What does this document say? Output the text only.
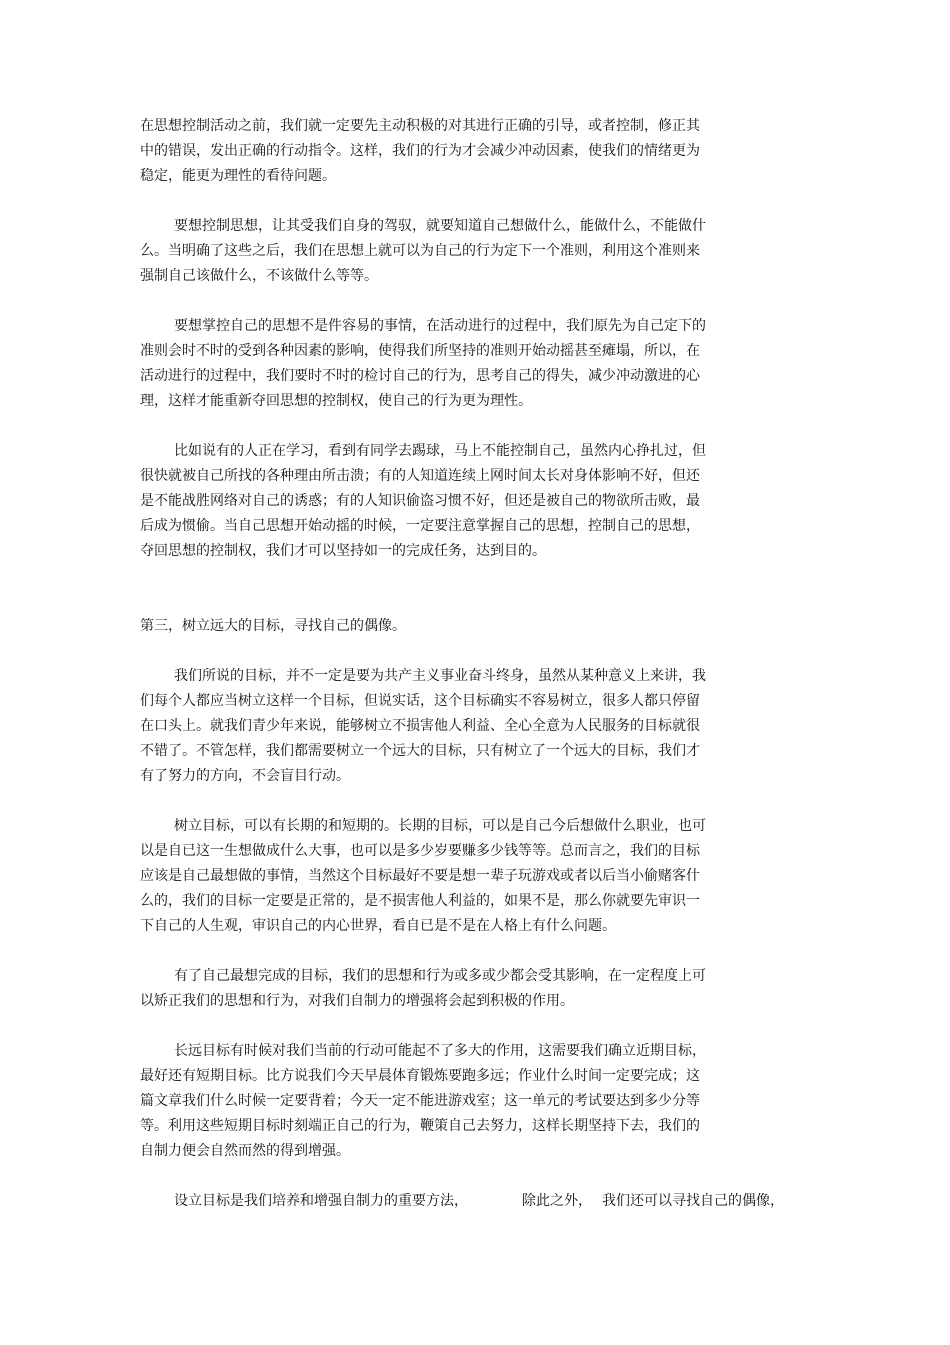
在思想控制活动之前，我们就一定要先主动积极的对其进行正确的引导，或者控制，修正其
中的错误，发出正确的行动指令。这样，我们的行为才会减少冲动因素，使我们的情绪更为
稳定，能更为理性的看待问题。

要想控制思想，让其受我们自身的驾驭，就要知道自己想做什么，能做什么，不能做什
么。当明确了这些之后，我们在思想上就可以为自己的行为定下一个准则，利用这个准则来
强制自己该做什么，不该做什么等等。

要想掌控自己的思想不是件容易的事情，在活动进行的过程中，我们原先为自己定下的
准则会时不时的受到各种因素的影响，使得我们所坚持的准则开始动摇甚至瘫塌，所以，在
活动进行的过程中，我们要时不时的检讨自己的行为，思考自己的得失，减少冲动激进的心
理，这样才能重新夺回思想的控制权，使自己的行为更为理性。

比如说有的人正在学习，看到有同学去踢球，马上不能控制自己，虽然内心挣扎过，但
很快就被自己所找的各种理由所击溃；有的人知道连续上网时间太长对身体影响不好，但还
是不能战胜网络对自己的诱惑；有的人知识偷盗习惯不好，但还是被自己的物欲所击败，最
后成为惯偷。当自己思想开始动摇的时候，一定要注意掌握自己的思想，控制自己的思想，
夺回思想的控制权，我们才可以坚持如一的完成任务，达到目的。

第三，树立远大的目标，寻找自己的偶像。

我们所说的目标，并不一定是要为共产主义事业奋斗终身，虽然从某种意义上来讲，我
们每个人都应当树立这样一个目标，但说实话，这个目标确实不容易树立，很多人都只停留
在口头上。就我们青少年来说，能够树立不损害他人利益、全心全意为人民服务的目标就很
不错了。不管怎样，我们都需要树立一个远大的目标，只有树立了一个远大的目标，我们才
有了努力的方向，不会盲目行动。

树立目标，可以有长期的和短期的。长期的目标，可以是自己今后想做什么职业，也可
以是自已这一生想做成什么大事，也可以是多少岁要赚多少钱等等。总而言之，我们的目标
应该是自己最想做的事情，当然这个目标最好不要是想一辈子玩游戏或者以后当小偷赌客什
么的，我们的目标一定要是正常的，是不损害他人利益的，如果不是，那么你就要先审识一
下自己的人生观，审识自己的内心世界，看自已是不是在人格上有什么问题。

有了自己最想完成的目标，我们的思想和行为或多或少都会受其影响，在一定程度上可
以矫正我们的思想和行为，对我们自制力的增强将会起到积极的作用。

长远目标有时候对我们当前的行动可能起不了多大的作用，这需要我们确立近期目标，
最好还有短期目标。比方说我们今天早晨体育锻炼要跑多远；作业什么时间一定要完成；这
篇文章我们什么时候一定要背着；今天一定不能进游戏室；这一单元的考试要达到多少分等
等。利用这些短期目标时刻端正自己的行为，鞭策自己去努力，这样长期坚持下去，我们的
自制力便会自然而然的得到增强。

设立目标是我们培养和增强自制力的重要方法，	除此之外， 我们还可以寻找自己的偶像，
